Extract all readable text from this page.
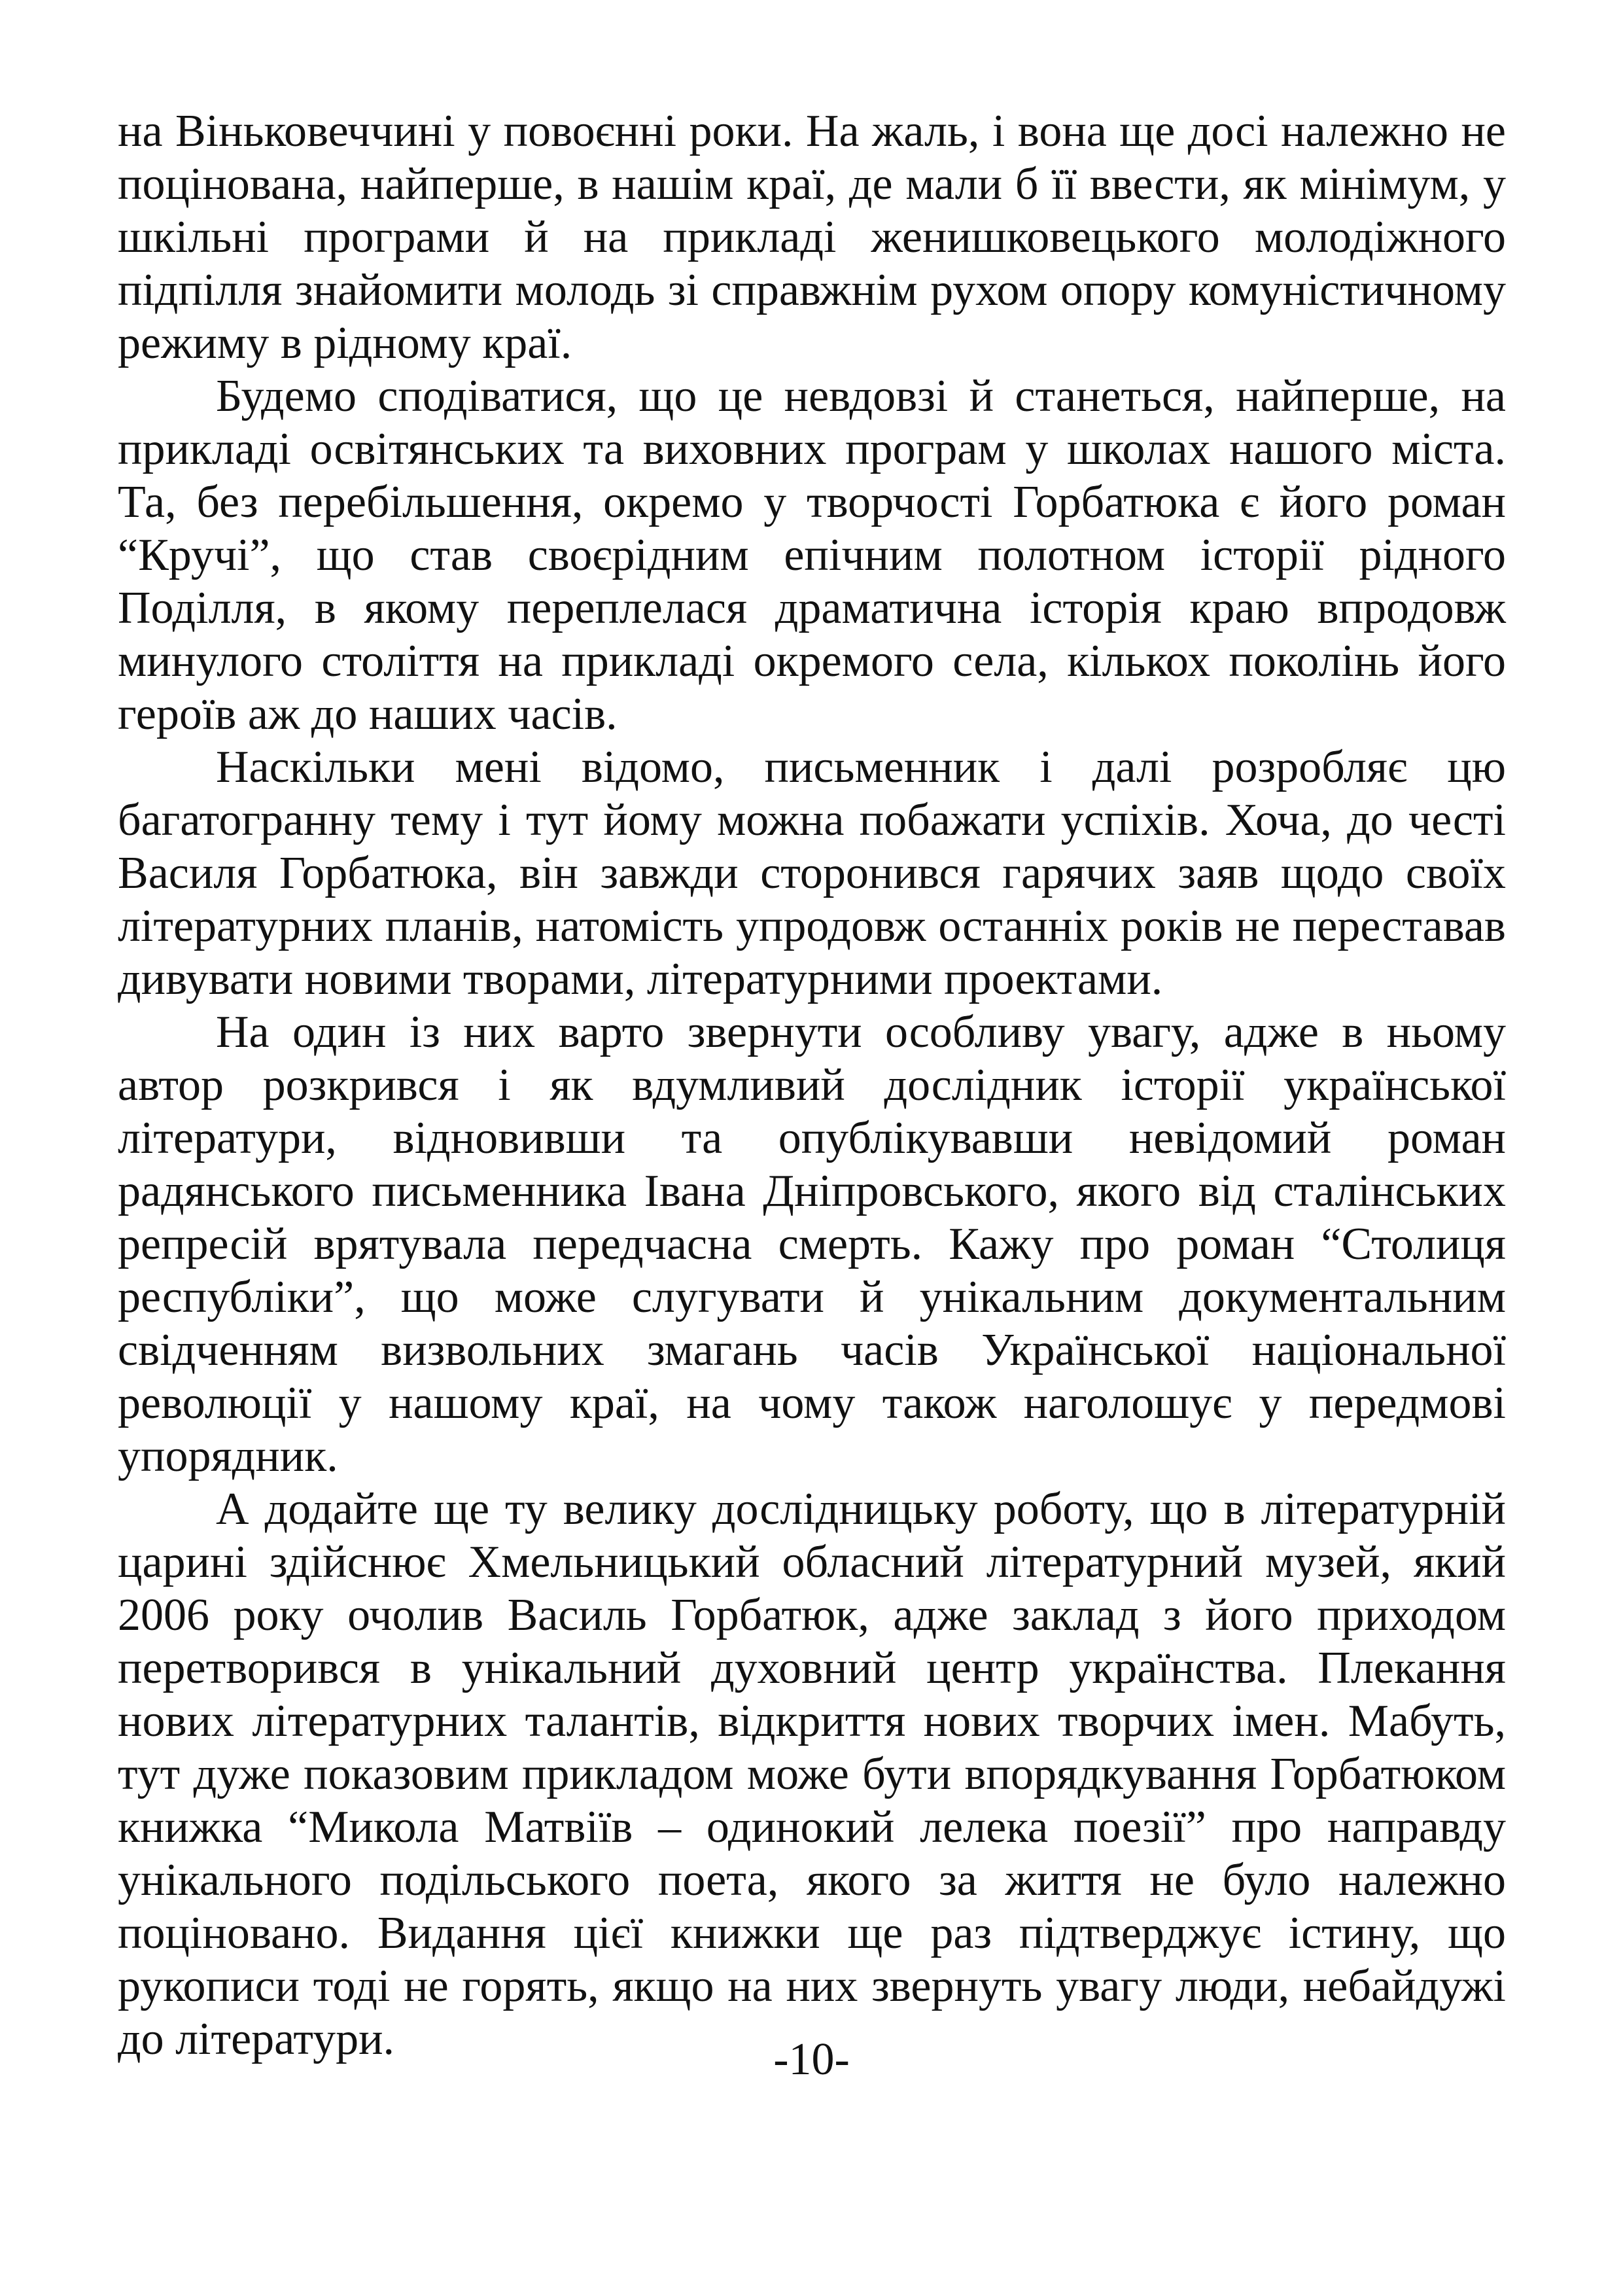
на Віньковеччині у повоєнні роки. На жаль, і вона ще досі належно не поцінована, найперше, в нашім краї, де мали б її ввести, як мінімум, у шкільні програми й на прикладі женишковецького молодіжного підпілля знайомити молодь зі справжнім рухом опору комуністичному режиму в рідному краї.

Будемо сподіватися, що це невдовзі й станеться, найперше, на прикладі освітянських та виховних програм у школах нашого міста. Та, без перебільшення, окремо у творчості Горбатюка є його роман “Кручі”, що став своєрідним епічним полотном історії рідного Поділля, в якому переплелася драматична історія краю впродовж минулого століття на прикладі окремого села, кількох поколінь його героїв аж до наших часів.

Наскільки мені відомо, письменник і далі розробляє цю багатогранну тему і тут йому можна побажати успіхів. Хоча, до честі Василя Горбатюка, він завжди сторонився гарячих заяв щодо своїх літературних планів, натомість упродовж останніх років не переставав дивувати новими творами, літературними проектами.

На один із них варто звернути особливу увагу, адже в ньому автор розкрився і як вдумливий дослідник історії української літератури, відновивши та опублікувавши невідомий роман радянського письменника Івана Дніпровського, якого від сталінських репресій врятувала передчасна смерть. Кажу про роман “Столиця республіки”, що може слугувати й унікальним документальним свідченням визвольних змагань часів Української національної революції у нашому краї, на чому також наголошує у передмові упорядник.

А додайте ще ту велику дослідницьку роботу, що в літературній царині здійснює Хмельницький обласний літературний музей, який 2006 року очолив Василь Горбатюк, адже заклад з його приходом перетворився в унікальний духовний центр українства. Плекання нових літературних талантів, відкриття нових творчих імен. Мабуть, тут дуже показовим прикладом може бути впорядкування Горбатюком книжка “Микола Матвіїв – одинокий лелека поезії” про направду унікального подільського поета, якого за життя не було належно поціновано. Видання цієї книжки ще раз підтверджує істину, що рукописи тоді не горять, якщо на них звернуть увагу люди, небайдужі до літератури.	-10-
